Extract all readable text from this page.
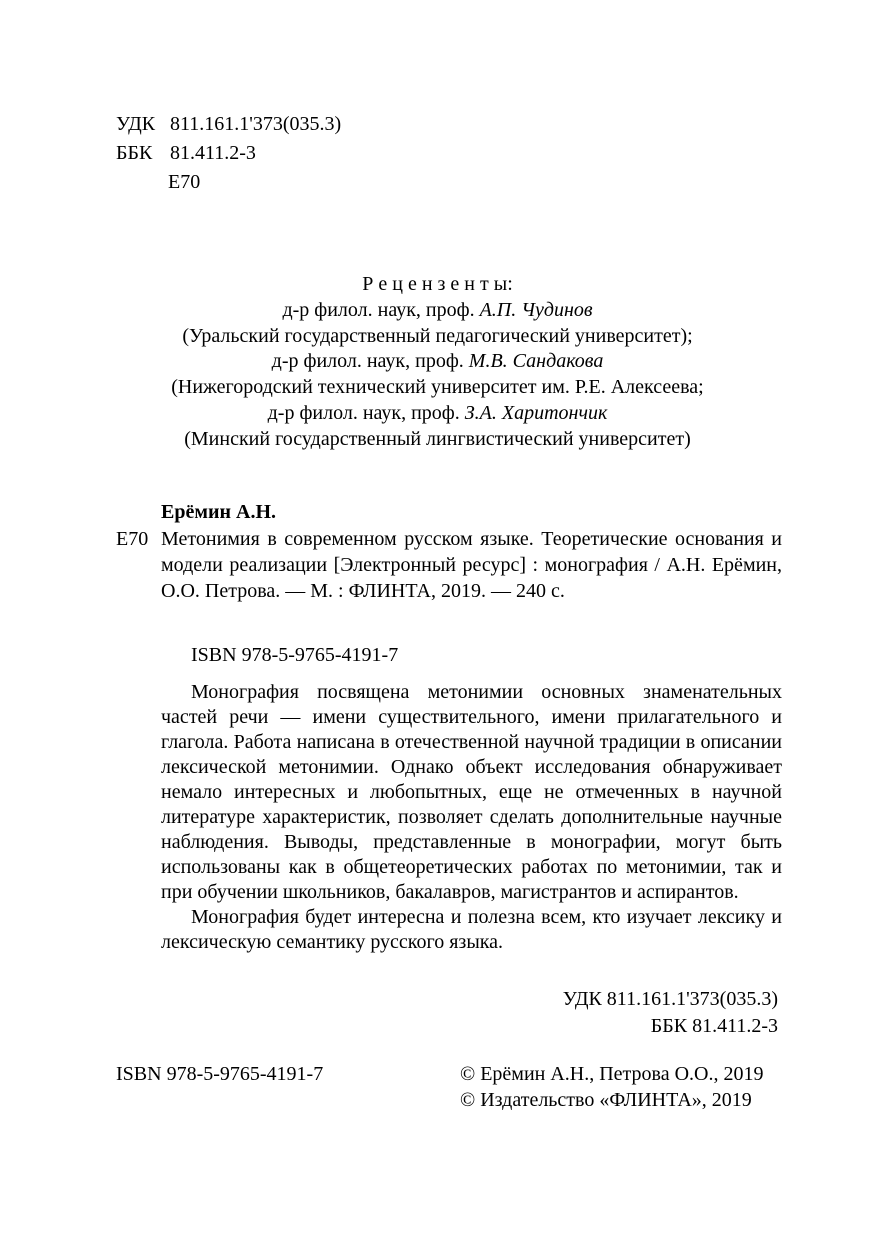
УДК 811.161.1'373(035.3)
ББК 81.411.2-3
Е70
Р е ц е н з е н т ы:
д-р филол. наук, проф. А.П. Чудинов
(Уральский государственный педагогический университет);
д-р филол. наук, проф. М.В. Сандакова
(Нижегородский технический университет им. Р.Е. Алексеева;
д-р филол. наук, проф. З.А. Харитончик
(Минский государственный лингвистический университет)
Ерёмин А.Н.
Е70 Метонимия в современном русском языке. Теоретические основания и модели реализации [Электронный ресурс] : монография / А.Н. Ерёмин, О.О. Петрова. — М. : ФЛИНТА, 2019. — 240 с.
ISBN 978-5-9765-4191-7

Монография посвящена метонимии основных знаменательных частей речи — имени существительного, имени прилагательного и глагола. Работа написана в отечественной научной традиции в описании лексической метонимии. Однако объект исследования обнаруживает немало интересных и любопытных, еще не отмеченных в научной литературе характеристик, позволяет сделать дополнительные научные наблюдения. Выводы, представленные в монографии, могут быть использованы как в общетеоретических работах по метонимии, так и при обучении школьников, бакалавров, магистрантов и аспирантов.

Монография будет интересна и полезна всем, кто изучает лексику и лексическую семантику русского языка.

УДК 811.161.1'373(035.3)
ББК 81.411.2-3
ISBN 978-5-9765-4191-7	© Ерёмин А.Н., Петрова О.О., 2019
© Издательство «ФЛИНТА», 2019
